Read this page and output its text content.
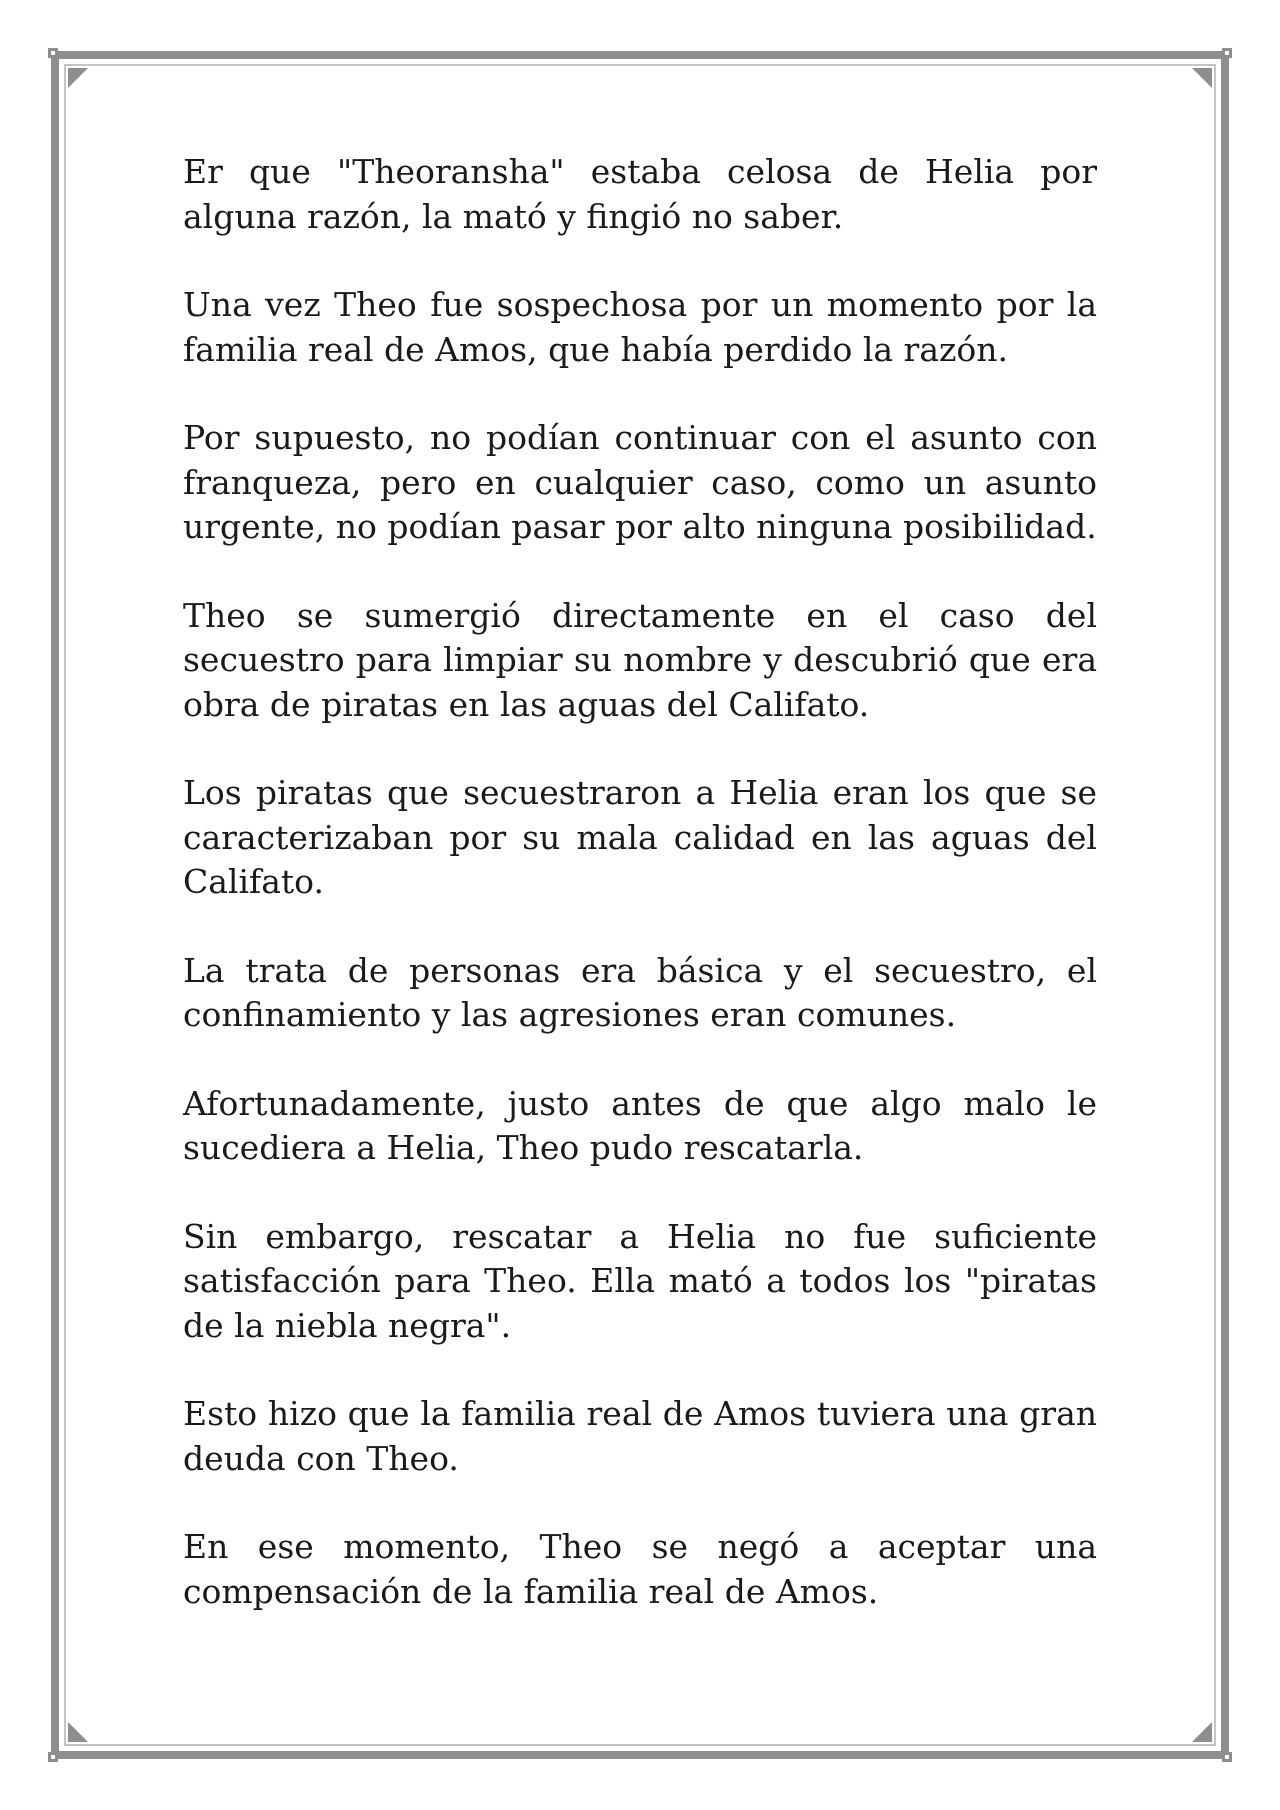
Er que "Theoransha" estaba celosa de Helia por alguna razón, la mató y fingió no saber.

Una vez Theo fue sospechosa por un momento por la familia real de Amos, que había perdido la razón.

Por supuesto, no podían continuar con el asunto con franqueza, pero en cualquier caso, como un asunto urgente, no podían pasar por alto ninguna posibilidad.

Theo se sumergió directamente en el caso del secuestro para limpiar su nombre y descubrió que era obra de piratas en las aguas del Califato.

Los piratas que secuestraron a Helia eran los que se caracterizaban por su mala calidad en las aguas del Califato.

La trata de personas era básica y el secuestro, el confinamiento y las agresiones eran comunes.

Afortunadamente, justo antes de que algo malo le sucediera a Helia, Theo pudo rescatarla.

Sin embargo, rescatar a Helia no fue suficiente satisfacción para Theo. Ella mató a todos los "piratas de la niebla negra".

Esto hizo que la familia real de Amos tuviera una gran deuda con Theo.

En ese momento, Theo se negó a aceptar una compensación de la familia real de Amos.
